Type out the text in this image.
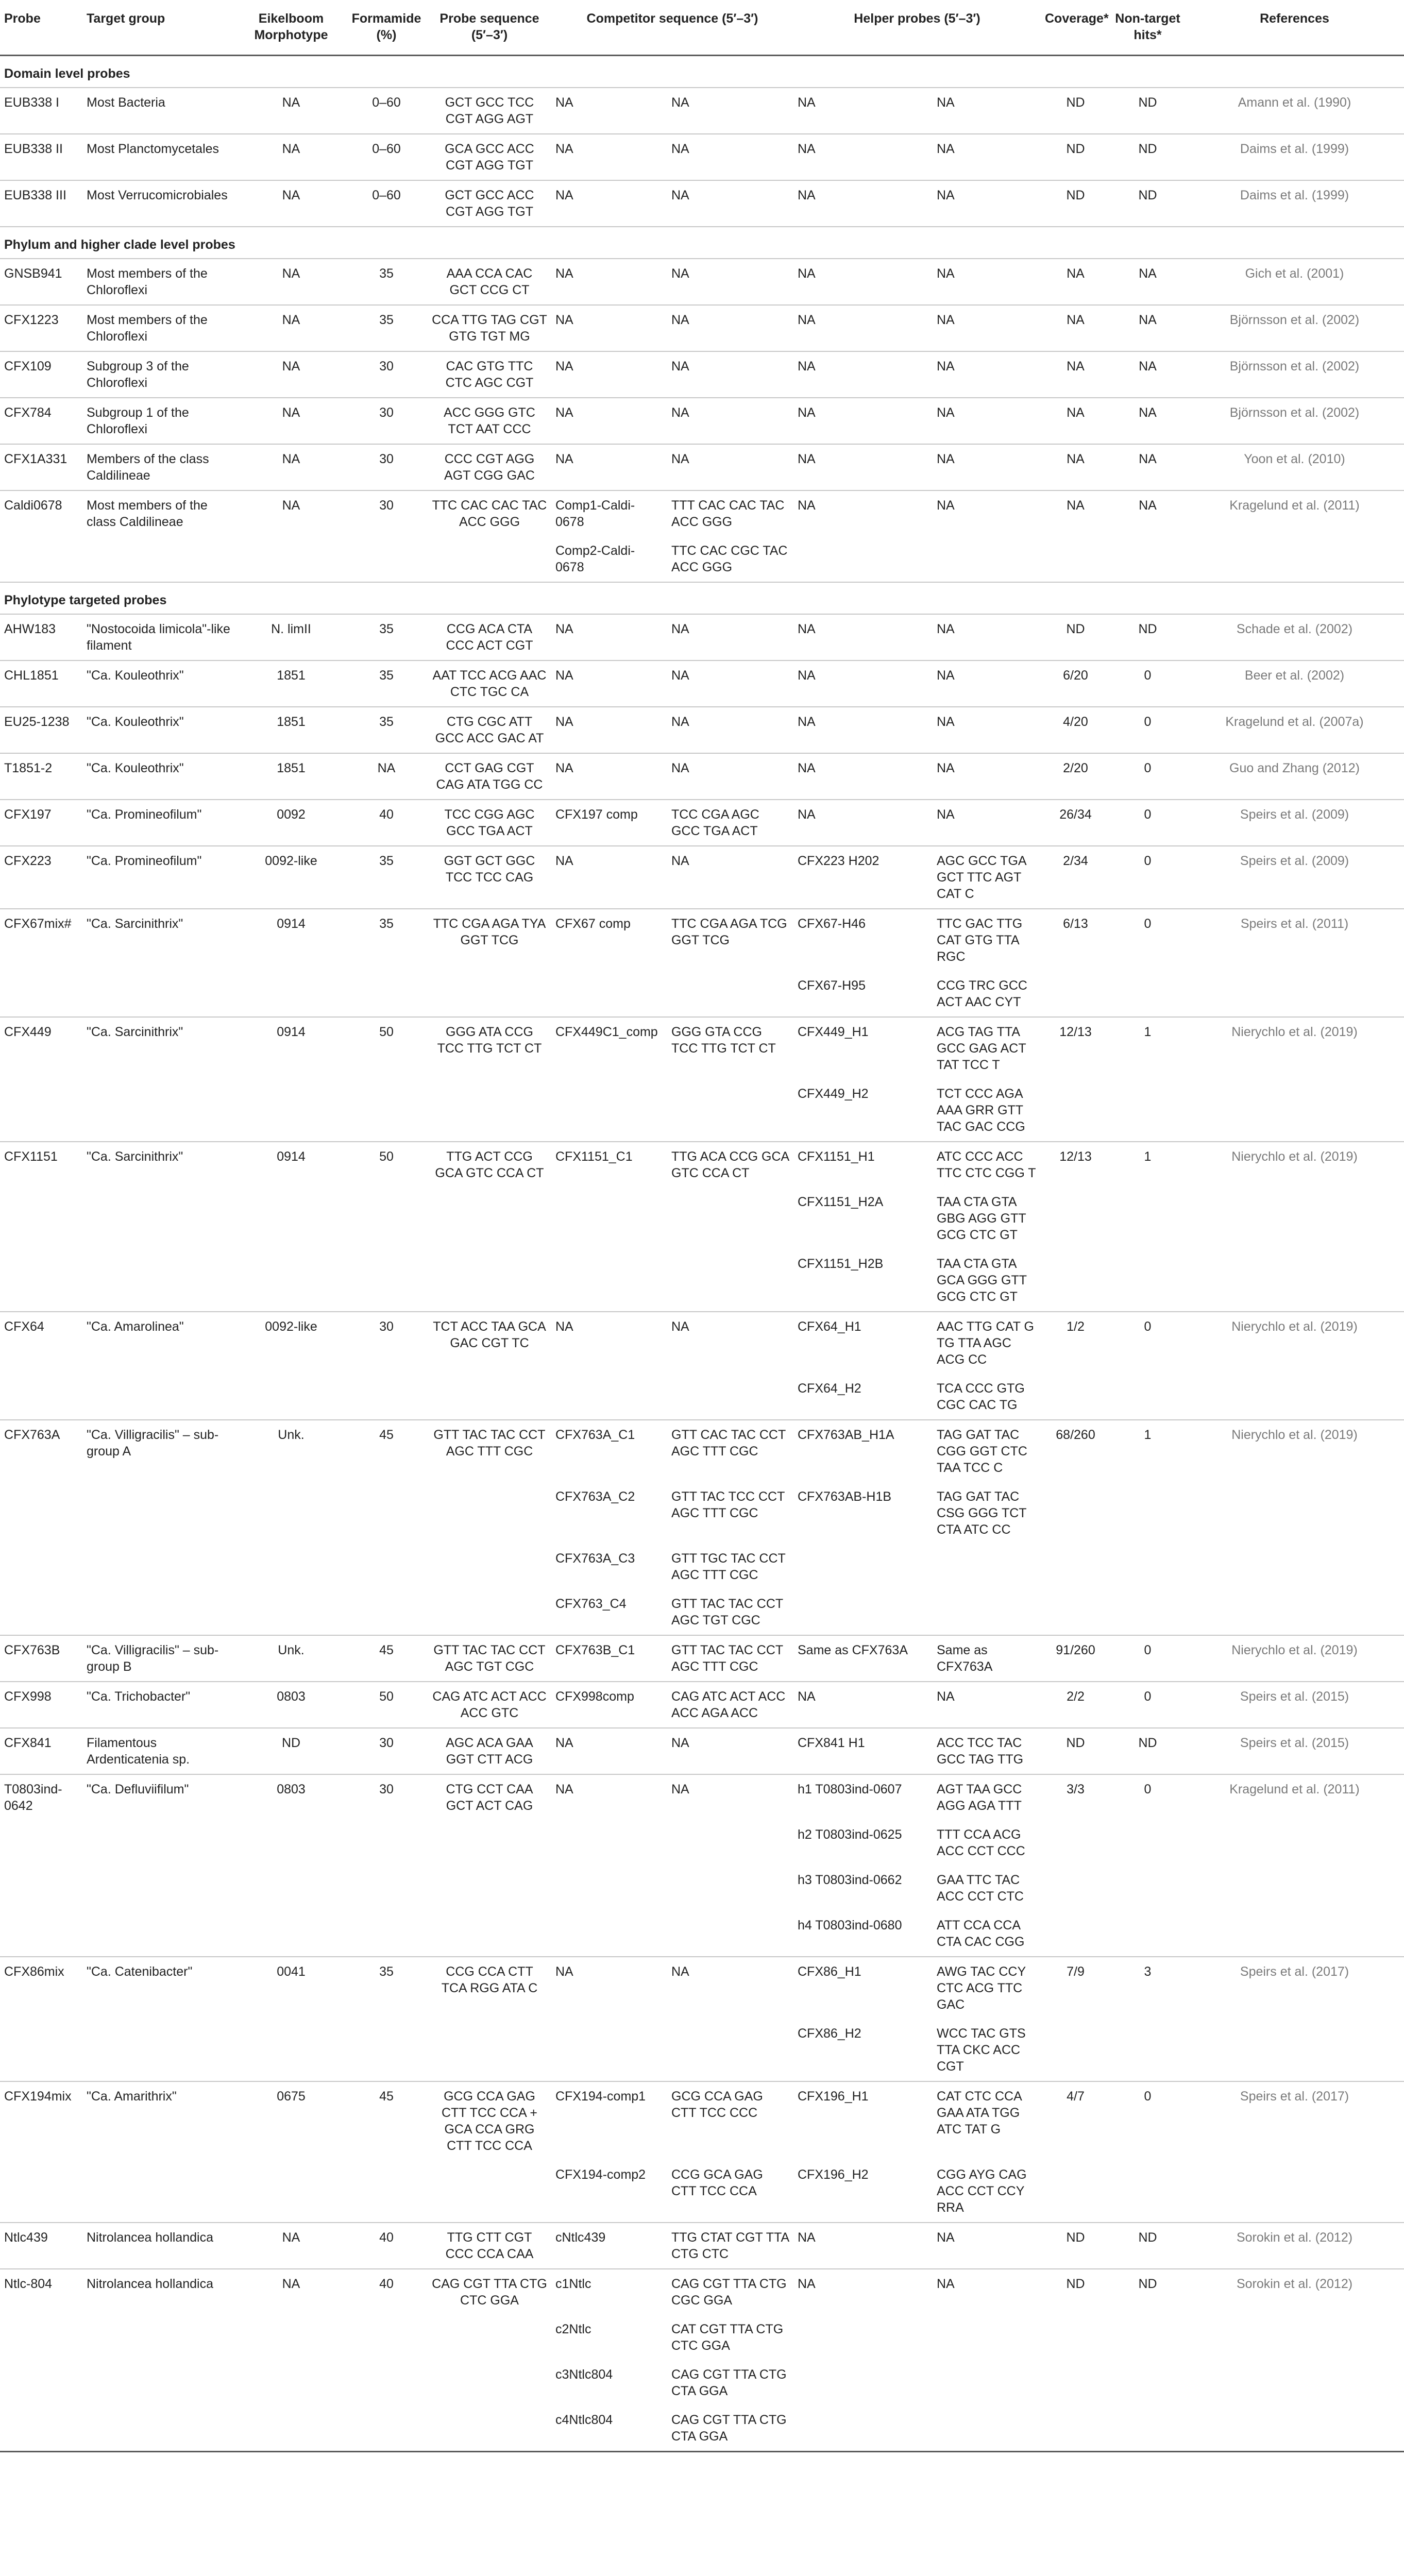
Probe	Target group	Eikelboom Morphotype	Formamide (%)	Probe sequence (5′–3′)	Competitor sequence (5′–3′)		Helper probes (5′–3′)		Coverage*	Non-target hits*	References
Domain level probes											
EUB338 I	Most Bacteria	NA	0–60	GCT GCC TCC CGT AGG AGT	NA	NA	NA	NA	ND	ND	Amann et al. (1990)
EUB338 II	Most Planctomycetales	NA	0–60	GCA GCC ACC CGT AGG TGT	NA	NA	NA	NA	ND	ND	Daims et al. (1999)
EUB338 III	Most Verrucomicrobiales	NA	0–60	GCT GCC ACC CGT AGG TGT	NA	NA	NA	NA	ND	ND	Daims et al. (1999)
Phylum and higher clade level probes											
GNSB941	Most members of the Chloroflexi	NA	35	AAA CCA CAC GCT CCG CT	NA	NA	NA	NA	NA	NA	Gich et al. (2001)
CFX1223	Most members of the Chloroflexi	NA	35	CCA TTG TAG CGT GTG TGT MG	NA	NA	NA	NA	NA	NA	Björnsson et al. (2002)
CFX109	Subgroup 3 of the Chloroflexi	NA	30	CAC GTG TTC CTC AGC CGT	NA	NA	NA	NA	NA	NA	Björnsson et al. (2002)
CFX784	Subgroup 1 of the Chloroflexi	NA	30	ACC GGG GTC TCT AAT CCC	NA	NA	NA	NA	NA	NA	Björnsson et al. (2002)
CFX1A331	Members of the class Caldilineae	NA	30	CCC CGT AGG AGT CGG GAC	NA	NA	NA	NA	NA	NA	Yoon et al. (2010)
Caldi0678	Most members of the class Caldilineae	NA	30	TTC CAC CAC TAC ACC GGG	Comp1-Caldi-0678	TTT CAC CAC TAC ACC GGG	NA	NA	NA	NA	Kragelund et al. (2011)
					Comp2-Caldi-0678	TTC CAC CGC TAC ACC GGG					
Phylotype targeted probes											
AHW183	"Nostocoida limicola"-like filament	N. limII	35	CCG ACA CTA CCC ACT CGT	NA	NA	NA	NA	ND	ND	Schade et al. (2002)
CHL1851	"Ca. Kouleothrix"	1851	35	AAT TCC ACG AAC CTC TGC CA	NA	NA	NA	NA	6/20	0	Beer et al. (2002)
EU25-1238	"Ca. Kouleothrix"	1851	35	CTG CGC ATT GCC ACC GAC AT	NA	NA	NA	NA	4/20	0	Kragelund et al. (2007a)
T1851-2	"Ca. Kouleothrix"	1851	NA	CCT GAG CGT CAG ATA TGG CC	NA	NA	NA	NA	2/20	0	Guo and Zhang (2012)
CFX197	"Ca. Promineofilum"	0092	40	TCC CGG AGC GCC TGA ACT	CFX197 comp	TCC CGA AGC GCC TGA ACT	NA	NA	26/34	0	Speirs et al. (2009)
CFX223	"Ca. Promineofilum"	0092-like	35	GGT GCT GGC TCC TCC CAG	NA	NA	CFX223 H202	AGC GCC TGA GCT TTC AGT CAT C	2/34	0	Speirs et al. (2009)
CFX67mix#	"Ca. Sarcinithrix"	0914	35	TTC CGA AGA TYA GGT TCG	CFX67 comp	TTC CGA AGA TCG GGT TCG	CFX67-H46	TTC GAC TTG CAT GTG TTA RGC	6/13	0	Speirs et al. (2011)
							CFX67-H95	CCG TRC GCC ACT AAC CYT			
CFX449	"Ca. Sarcinithrix"	0914	50	GGG ATA CCG TCC TTG TCT CT	CFX449C1_comp	GGG GTA CCG TCC TTG TCT CT	CFX449_H1	ACG TAG TTA GCC GAG ACT TAT TCC T	12/13	1	Nierychlo et al. (2019)
							CFX449_H2	TCT CCC AGA AAA GRR GTT TAC GAC CCG			
CFX1151	"Ca. Sarcinithrix"	0914	50	TTG ACT CCG GCA GTC CCA CT	CFX1151_C1	TTG ACA CCG GCA GTC CCA CT	CFX1151_H1	ATC CCC ACC TTC CTC CGG T	12/13	1	Nierychlo et al. (2019)
							CFX1151_H2A	TAA CTA GTA GBG AGG GTT GCG CTC GT			
							CFX1151_H2B	TAA CTA GTA GCA GGG GTT GCG CTC GT			
CFX64	"Ca. Amarolinea"	0092-like	30	TCT ACC TAA GCA GAC CGT TC	NA	NA	CFX64_H1	AAC TTG CAT G TG TTA AGC ACG CC	1/2	0	Nierychlo et al. (2019)
							CFX64_H2	TCA CCC GTG CGC CAC TG			
CFX763A	"Ca. Villigracilis" – sub-group A	Unk.	45	GTT TAC TAC CCT AGC TTT CGC	CFX763A_C1	GTT CAC TAC CCT AGC TTT CGC	CFX763AB_H1A	TAG GAT TAC CGG GGT CTC TAA TCC C	68/260	1	Nierychlo et al. (2019)
					CFX763A_C2	GTT TAC TCC CCT AGC TTT CGC	CFX763AB-H1B	TAG GAT TAC CSG GGG TCT CTA ATC CC			
					CFX763A_C3	GTT TGC TAC CCT AGC TTT CGC					
					CFX763_C4	GTT TAC TAC CCT AGC TGT CGC					
CFX763B	"Ca. Villigracilis" – sub-group B	Unk.	45	GTT TAC TAC CCT AGC TGT CGC	CFX763B_C1	GTT TAC TAC CCT AGC TTT CGC	Same as CFX763A	Same as CFX763A	91/260	0	Nierychlo et al. (2019)
CFX998	"Ca. Trichobacter"	0803	50	CAG ATC ACT ACC ACC GTC	CFX998comp	CAG ATC ACT ACC ACC AGA ACC	NA	NA	2/2	0	Speirs et al. (2015)
CFX841	Filamentous Ardenticatenia sp.	ND	30	AGC ACA GAA GGT CTT ACG	NA	NA	CFX841 H1	ACC TCC TAC GCC TAG TTG	ND	ND	Speirs et al. (2015)
T0803ind-0642	"Ca. Defluviifilum"	0803	30	CTG CCT CAA GCT ACT CAG	NA	NA	h1 T0803ind-0607	AGT TAA GCC AGG AGA TTT	3/3	0	Kragelund et al. (2011)
							h2 T0803ind-0625	TTT CCA ACG ACC CCT CCC			
							h3 T0803ind-0662	GAA TTC TAC ACC CCT CTC			
							h4 T0803ind-0680	ATT CCA CCA CTA CAC CGG			
CFX86mix	"Ca. Catenibacter"	0041	35	CCG CCA CTT TCA RGG ATA C	NA	NA	CFX86_H1	AWG TAC CCY CTC ACG TTC GAC	7/9	3	Speirs et al. (2017)
							CFX86_H2	WCC TAC GTS TTA CKC ACC CGT			
CFX194mix	"Ca. Amarithrix"	0675	45	GCG CCA GAG CTT TCC CCA + GCA CCA GRG CTT TCC CCA	CFX194-comp1	GCG CCA GAG CTT TCC CCC	CFX196_H1	CAT CTC CCA GAA ATA TGG ATC TAT G	4/7	0	Speirs et al. (2017)
					CFX194-comp2	CCG GCA GAG CTT TCC CCA	CFX196_H2	CGG AYG CAG ACC CCT CCY RRA			
Ntlc439	Nitrolancea hollandica	NA	40	TTG CTT CGT CCC CCA CAA	cNtlc439	TTG CTAT CGT TTA CTG CTC	NA	NA	ND	ND	Sorokin et al. (2012)
Ntlc-804	Nitrolancea hollandica	NA	40	CAG CGT TTA CTG CTC GGA	c1Ntlc	CAG CGT TTA CTG CGC GGA	NA	NA	ND	ND	Sorokin et al. (2012)
					c2Ntlc	CAT CGT TTA CTG CTC GGA					
					c3Ntlc804	CAG CGT TTA CTG CTA GGA					
					c4Ntlc804	CAG CGT TTA CTG CTA GGA					
